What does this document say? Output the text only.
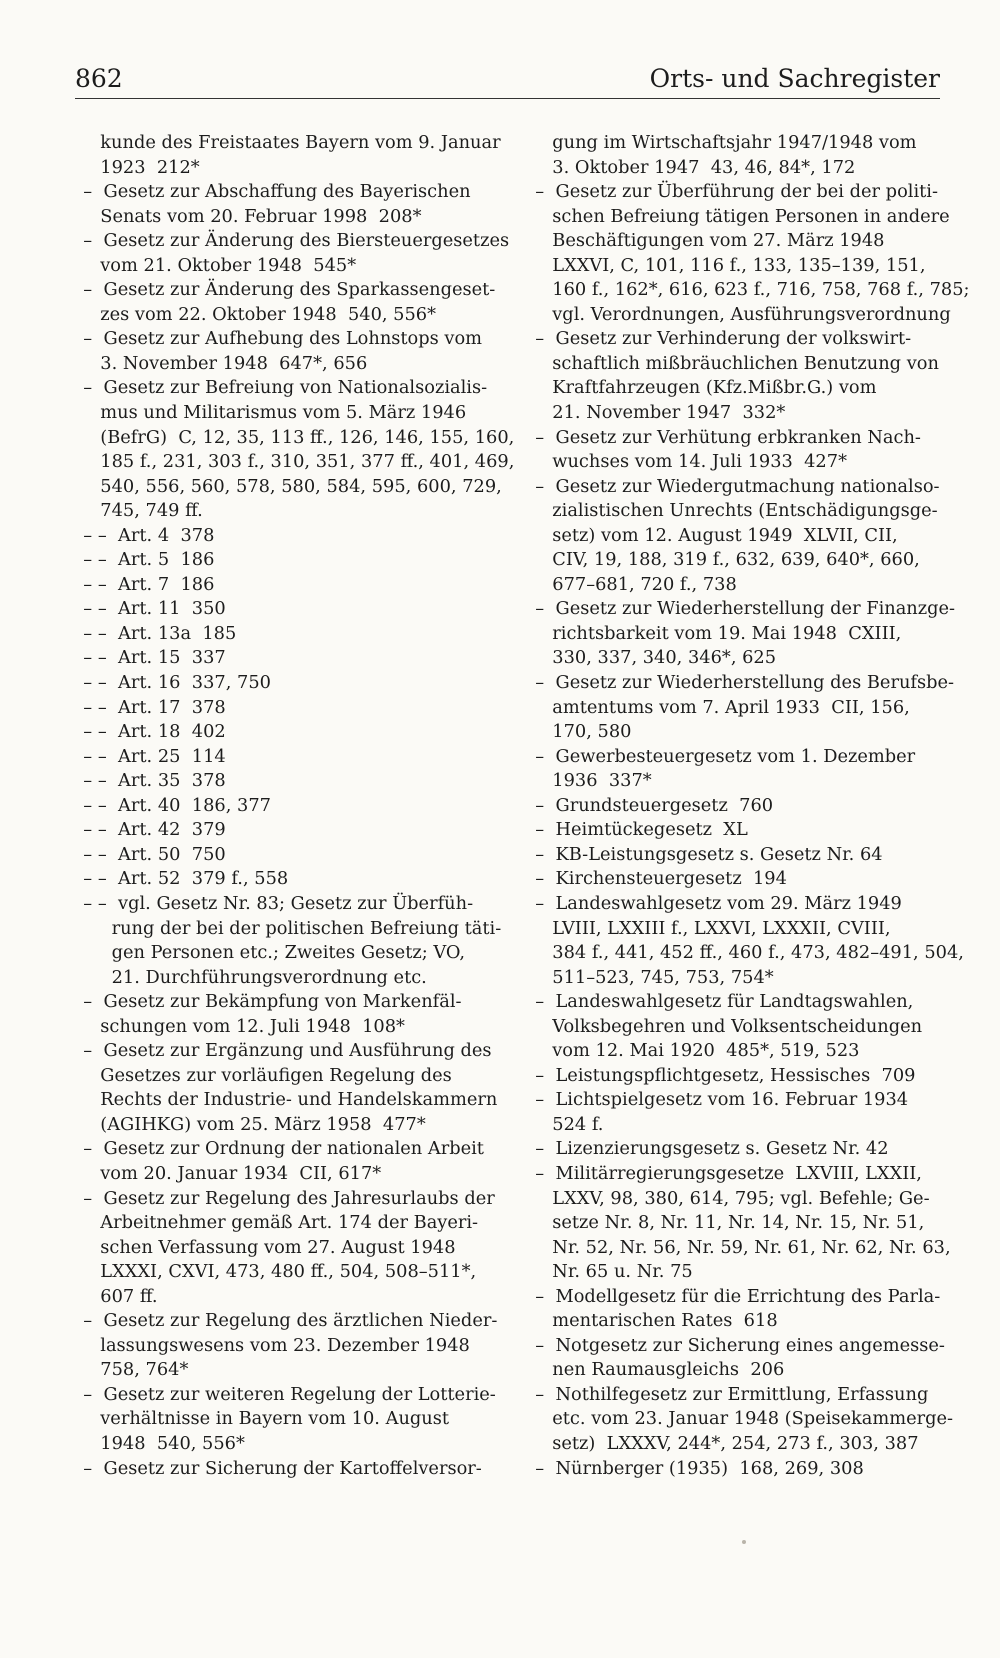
862	Orts- und Sachregister
kunde des Freistaates Bayern vom 9. Januar
1923  212*
–  Gesetz zur Abschaffung des Bayerischen
Senats vom 20. Februar 1998  208*
–  Gesetz zur Änderung des Biersteuergesetzes
vom 21. Oktober 1948  545*
–  Gesetz zur Änderung des Sparkassengeset-
zes vom 22. Oktober 1948  540, 556*
–  Gesetz zur Aufhebung des Lohnstops vom
3. November 1948  647*, 656
–  Gesetz zur Befreiung von Nationalsozialis-
mus und Militarismus vom 5. März 1946
(BefrG)  C, 12, 35, 113 ff., 126, 146, 155, 160,
185 f., 231, 303 f., 310, 351, 377 ff., 401, 469,
540, 556, 560, 578, 580, 584, 595, 600, 729,
745, 749 ff.
– –  Art. 4  378
– –  Art. 5  186
– –  Art. 7  186
– –  Art. 11  350
– –  Art. 13a  185
– –  Art. 15  337
– –  Art. 16  337, 750
– –  Art. 17  378
– –  Art. 18  402
– –  Art. 25  114
– –  Art. 35  378
– –  Art. 40  186, 377
– –  Art. 42  379
– –  Art. 50  750
– –  Art. 52  379 f., 558
– –  vgl. Gesetz Nr. 83; Gesetz zur Überfüh-
rung der bei der politischen Befreiung täti-
gen Personen etc.; Zweites Gesetz; VO,
21. Durchführungsverordnung etc.
–  Gesetz zur Bekämpfung von Markenfäl-
schungen vom 12. Juli 1948  108*
–  Gesetz zur Ergänzung und Ausführung des
Gesetzes zur vorläufigen Regelung des
Rechts der Industrie- und Handelskammern
(AGIHKG) vom 25. März 1958  477*
–  Gesetz zur Ordnung der nationalen Arbeit
vom 20. Januar 1934  CII, 617*
–  Gesetz zur Regelung des Jahresurlaubs der
Arbeitnehmer gemäß Art. 174 der Bayeri-
schen Verfassung vom 27. August 1948
LXXXI, CXVI, 473, 480 ff., 504, 508–511*,
607 ff.
–  Gesetz zur Regelung des ärztlichen Nieder-
lassungswesens vom 23. Dezember 1948
758, 764*
–  Gesetz zur weiteren Regelung der Lotterie-
verhältnisse in Bayern vom 10. August
1948  540, 556*
–  Gesetz zur Sicherung der Kartoffelversor-
gung im Wirtschaftsjahr 1947/1948 vom
3. Oktober 1947  43, 46, 84*, 172
–  Gesetz zur Überführung der bei der politi-
schen Befreiung tätigen Personen in andere
Beschäftigungen vom 27. März 1948
LXXVI, C, 101, 116 f., 133, 135–139, 151,
160 f., 162*, 616, 623 f., 716, 758, 768 f., 785;
vgl. Verordnungen, Ausführungsverordnung
–  Gesetz zur Verhinderung der volkswirt-
schaftlich mißbräuchlichen Benutzung von
Kraftfahrzeugen (Kfz.Mißbr.G.) vom
21. November 1947  332*
–  Gesetz zur Verhütung erbkranken Nach-
wuchses vom 14. Juli 1933  427*
–  Gesetz zur Wiedergutmachung nationalso-
zialistischen Unrechts (Entschädigungsge-
setz) vom 12. August 1949  XLVII, CII,
CIV, 19, 188, 319 f., 632, 639, 640*, 660,
677–681, 720 f., 738
–  Gesetz zur Wiederherstellung der Finanzge-
richtsbarkeit vom 19. Mai 1948  CXIII,
330, 337, 340, 346*, 625
–  Gesetz zur Wiederherstellung des Berufsbe-
amtentums vom 7. April 1933  CII, 156,
170, 580
–  Gewerbesteuergesetz vom 1. Dezember
1936  337*
–  Grundsteuergesetz  760
–  Heimtückegesetz  XL
–  KB-Leistungsgesetz s. Gesetz Nr. 64
–  Kirchensteuergesetz  194
–  Landeswahlgesetz vom 29. März 1949
LVIII, LXXIII f., LXXVI, LXXXII, CVIII,
384 f., 441, 452 ff., 460 f., 473, 482–491, 504,
511–523, 745, 753, 754*
–  Landeswahlgesetz für Landtagswahlen,
Volksbegehren und Volksentscheidungen
vom 12. Mai 1920  485*, 519, 523
–  Leistungspflichtgesetz, Hessisches  709
–  Lichtspielgesetz vom 16. Februar 1934
524 f.
–  Lizenzierungsgesetz s. Gesetz Nr. 42
–  Militärregierungsgesetze  LXVIII, LXXII,
LXXV, 98, 380, 614, 795; vgl. Befehle; Ge-
setze Nr. 8, Nr. 11, Nr. 14, Nr. 15, Nr. 51,
Nr. 52, Nr. 56, Nr. 59, Nr. 61, Nr. 62, Nr. 63,
Nr. 65 u. Nr. 75
–  Modellgesetz für die Errichtung des Parla-
mentarischen Rates  618
–  Notgesetz zur Sicherung eines angemesse-
nen Raumausgleichs  206
–  Nothilfegesetz zur Ermittlung, Erfassung
etc. vom 23. Januar 1948 (Speisekammerge-
setz)  LXXXV, 244*, 254, 273 f., 303, 387
–  Nürnberger (1935)  168, 269, 308
